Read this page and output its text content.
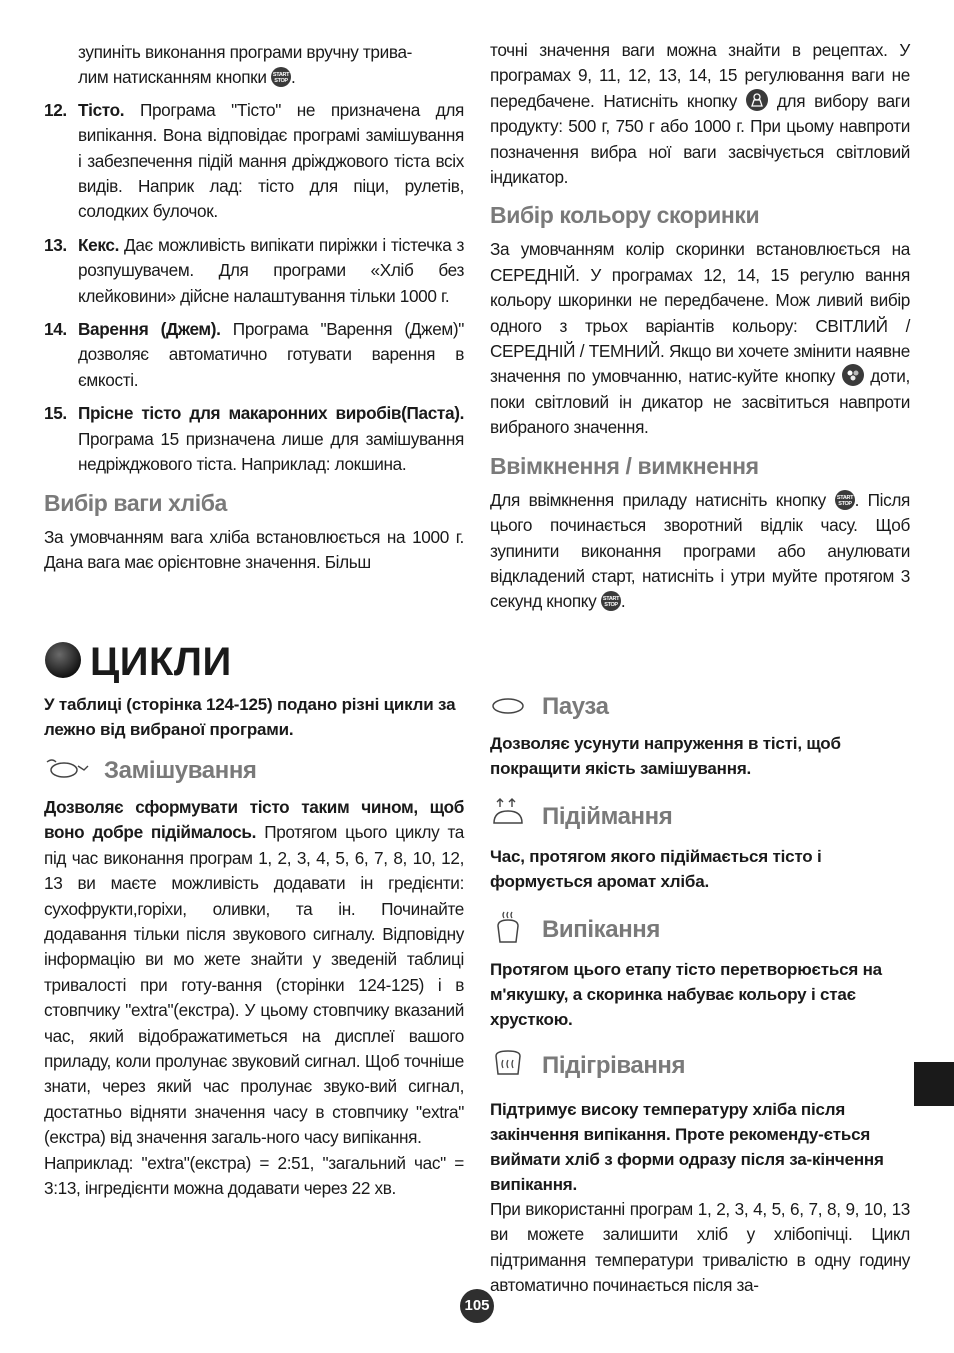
зупиніть виконання програми вручну трива-
лим натисканням кнопки START
STOP .

12. Тісто. Програма "Тісто" не призначена для випікання. Вона відповідає програмі замішування і забезпечення підій мання дріжджового тіста всіх видів. Наприк лад: тісто для піци, рулетів, солодких булочок.
13. Кекс. Дає можливість випікати пиріжки і тістечка з розпушувачем. Для програми «Хліб без клейковини» дійсне налаштування тільки 1000 г.
14. Варення (Джем). Програма "Варення (Джем)" дозволяє автоматично готувати варення в ємкості.
15. Прісне тісто для макаронних виробів(Паста). Програма 15 призначена лише для замішування недріжджового тіста. Наприклад: локшина.
Вибір ваги хліба

За умовчанням вага хліба встановлюється на 1000 г. Дана вага має орієнтовне значення. Більш

точні значення ваги можна знайти в рецептах. У програмах 9, 11, 12, 13, 14, 15 регулювання ваги не передбачене. Натисніть кнопку для вибору ваги продукту: 500 г, 750 г або 1000 г. При цьому навпроти позначення вибра ної ваги засвічується світловий індикатор.

Вибір кольору скоринки

За умовчанням колір скоринки встановлюється на СЕРЕДНІЙ. У програмах 12, 14, 15 регулю вання кольору шкоринки не передбачене. Мож ливий вибір одного з трьох варіантів кольору: СВІТЛИЙ / СЕРЕДНІЙ / ТЕМНИЙ. Якщо ви хочете змінити наявне значення по умовчанню, натис-куйте кнопку доти, поки світловий ін дикатор не засвітиться навпроти вибраного значення.

Ввімкнення / вимкнення

Для ввімкнення приладу натисніть кнопку START
STOP . Після цього починається зворотний відлік часу. Щоб зупинити виконання програми або анулювати відкладений старт, натисніть і утри муйте протягом 3 секунд кнопку START
STOP .

ЦИКЛИ

У таблиці (сторінка 124-125) подано різні цикли за лежно від вибраної програми.

Замішування

Дозволяє сформувати тісто таким чином, щоб воно добре підіймалось. Протягом цього циклу та під час виконання програм 1, 2, 3, 4, 5, 6, 7, 8, 10, 12, 13 ви маєте можливість додавати ін гредієнти: сухофрукти,горіхи, оливки, та ін. Починайте додавання тільки після звукового сигналу. Відповідну інформацію ви мо жете знайти у зведеній таблиці тривалості при готу-вання (сторінки 124-125) і в стовпчику "extra"(екстра). У цьому стовпчику вказаний час, який відображатиметься на дисплеї вашого приладу, коли пролунає звуковий сигнал. Щоб точніше знати, через який час пролунає звуко-вий сигнал, достатньо відняти значення часу в стовпчику "extra"(екстра) від значення загаль-ного часу випікання.

Наприклад: "extra"(екстра) = 2:51, "загальний час" = 3:13, інгредієнти можна додавати через 22 хв.

Пауза

Дозволяє усунути напруження в тісті, щоб покращити якість замішування.

Підіймання

Час, протягом якого підіймається тісто і формується аромат хліба.

Випікання

Протягом цього етапу тісто перетворюється на м'якушку, а скоринка набуває кольору і стає хрусткою.

Підігрівання

Підтримує високу температуру хліба після закінчення випікання. Проте рекоменду-ється виймати хліб з форми одразу після за-кінчення випікання.

При використанні програм 1, 2, 3, 4, 5, 6, 7, 8, 9, 10, 13 ви можете залишити хліб у хлібопічці. Цикл підтримання температури тривалістю в одну годину автоматично починається після за-

105
